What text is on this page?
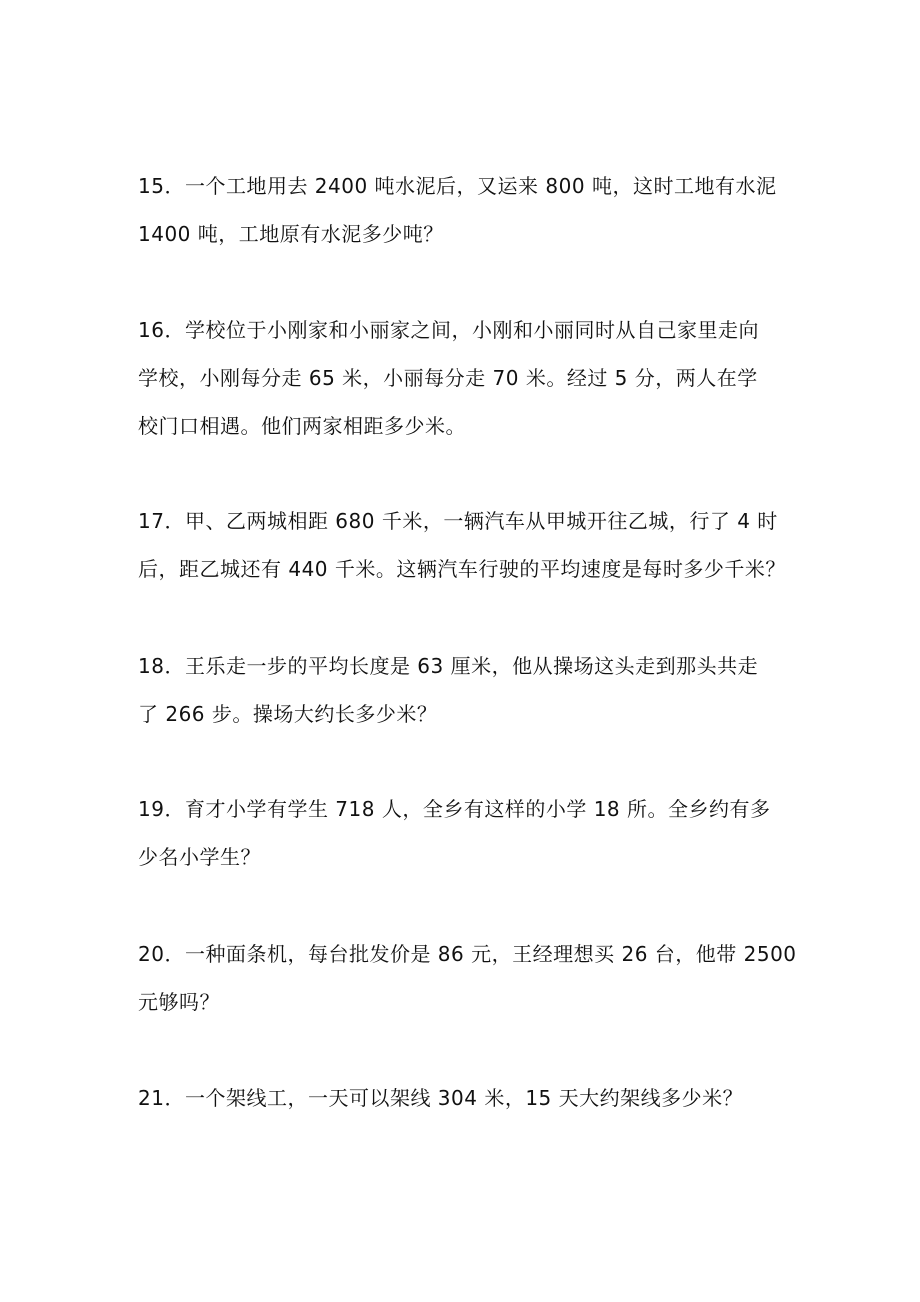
15．一个工地用去 2400 吨水泥后，又运来 800 吨，这时工地有水泥
1400 吨，工地原有水泥多少吨？
16．学校位于小刚家和小丽家之间，小刚和小丽同时从自己家里走向
学校，小刚每分走 65 米，小丽每分走 70 米。经过 5 分，两人在学
校门口相遇。他们两家相距多少米。
17．甲、乙两城相距 680 千米，一辆汽车从甲城开往乙城，行了 4 时
后，距乙城还有 440 千米。这辆汽车行驶的平均速度是每时多少千米？
18．王乐走一步的平均长度是 63 厘米，他从操场这头走到那头共走
了 266 步。操场大约长多少米？
19．育才小学有学生 718 人，全乡有这样的小学 18 所。全乡约有多
少名小学生？
20．一种面条机，每台批发价是 86 元，王经理想买 26 台，他带 2500
元够吗？
21．一个架线工，一天可以架线 304 米，15 天大约架线多少米？
